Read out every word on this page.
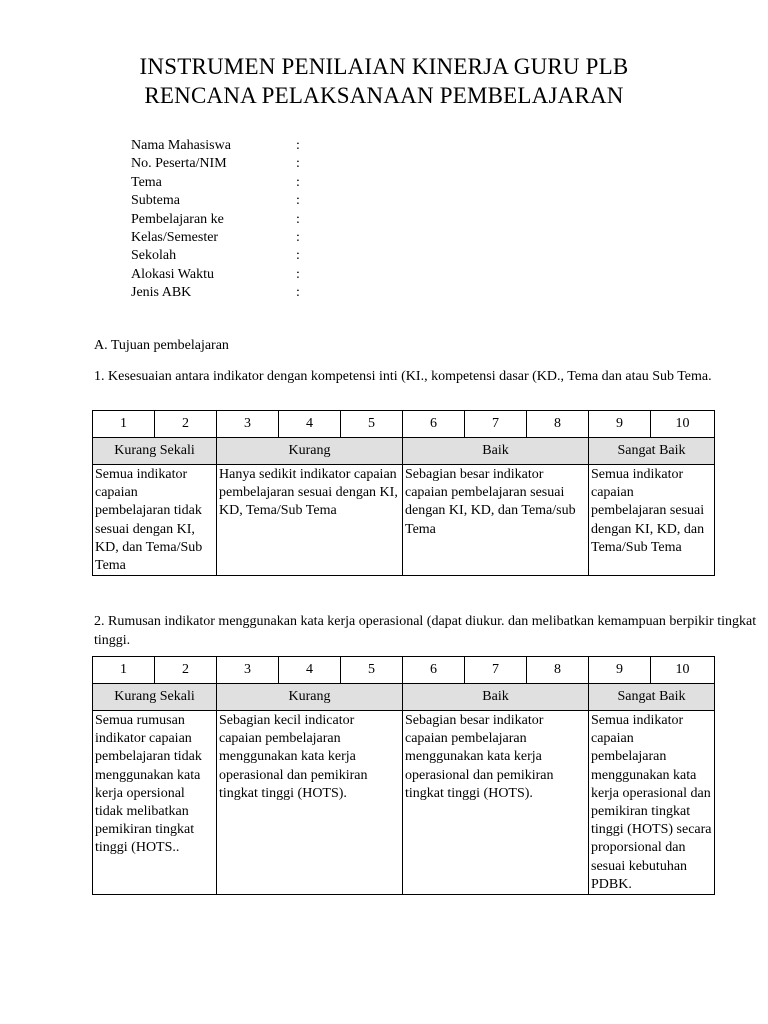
INSTRUMEN PENILAIAN KINERJA GURU PLB
RENCANA PELAKSANAAN PEMBELAJARAN
Nama Mahasiswa	:
No. Peserta/NIM	:
Tema	:
Subtema	:
Pembelajaran ke	:
Kelas/Semester	:
Sekolah	:
Alokasi Waktu	:
Jenis ABK	:
A. Tujuan pembelajaran
1. Kesesuaian antara indikator dengan kompetensi inti (KI., kompetensi dasar (KD., Tema dan atau Sub Tema.
1	2	3	4	5	6	7	8	9	10
Kurang Sekali		Kurang			Baik			Sangat Baik	
Semua indikator capaian pembelajaran tidak sesuai dengan KI, KD, dan Tema/Sub Tema		Hanya sedikit indikator capaian pembelajaran sesuai dengan KI, KD, Tema/Sub Tema			Sebagian besar indikator capaian pembelajaran sesuai dengan KI, KD, dan Tema/sub Tema			Semua indikator capaian pembelajaran sesuai dengan KI, KD, dan Tema/Sub Tema	
2. Rumusan indikator menggunakan kata kerja operasional (dapat diukur. dan melibatkan kemampuan berpikir tingkat tinggi.
1	2	3	4	5	6	7	8	9	10
Kurang Sekali		Kurang			Baik			Sangat Baik	
Semua rumusan indikator capaian pembelajaran tidak menggunakan kata kerja opersional tidak melibatkan pemikiran tingkat tinggi (HOTS..		Sebagian kecil indicator capaian pembelajaran menggunakan kata kerja operasional dan pemikiran tingkat tinggi (HOTS).			Sebagian besar indikator capaian pembelajaran menggunakan kata kerja operasional dan pemikiran tingkat tinggi (HOTS).			Semua indikator capaian pembelajaran menggunakan kata kerja operasional dan pemikiran tingkat tinggi (HOTS) secara proporsional dan sesuai kebutuhan PDBK.	
